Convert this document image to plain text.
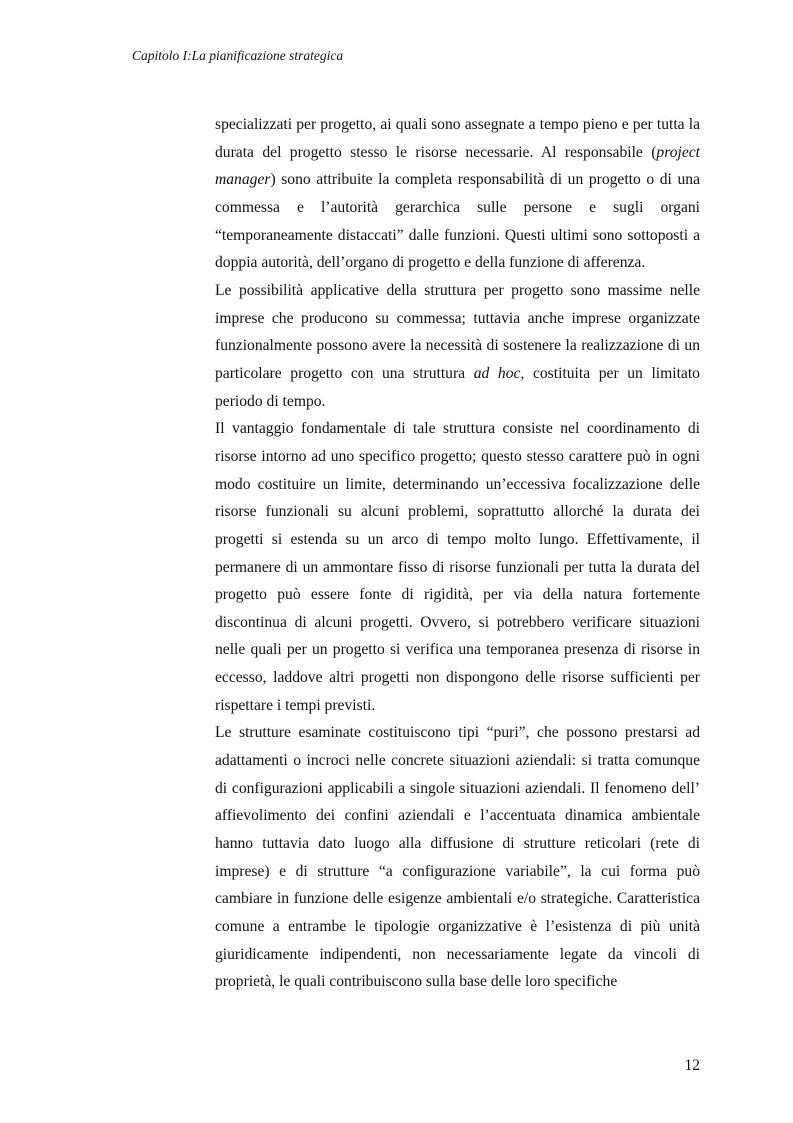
Capitolo I:La pianificazione strategica

specializzati per progetto, ai quali sono assegnate a tempo pieno e per tutta la durata del progetto stesso le risorse necessarie. Al responsabile (project manager) sono attribuite la completa responsabilità di un progetto o di una commessa e l’autorità gerarchica sulle persone e sugli organi “temporaneamente distaccati” dalle funzioni. Questi ultimi sono sottoposti a doppia autorità, dell’organo di progetto e della funzione di afferenza.

Le possibilità applicative della struttura per progetto sono massime nelle imprese che producono su commessa; tuttavia anche imprese organizzate funzionalmente possono avere la necessità di sostenere la realizzazione di un particolare progetto con una struttura ad hoc, costituita per un limitato periodo di tempo.

Il vantaggio fondamentale di tale struttura consiste nel coordinamento di risorse intorno ad uno specifico progetto; questo stesso carattere può in ogni modo costituire un limite, determinando un’eccessiva focalizzazione delle risorse funzionali su alcuni problemi, soprattutto allorché la durata dei progetti si estenda su un arco di tempo molto lungo. Effettivamente, il permanere di un ammontare fisso di risorse funzionali per tutta la durata del progetto può essere fonte di rigidità, per via della natura fortemente discontinua di alcuni progetti. Ovvero, si potrebbero verificare situazioni nelle quali per un progetto si verifica una temporanea presenza di risorse in eccesso, laddove altri progetti non dispongono delle risorse sufficienti per rispettare i tempi previsti.

Le strutture esaminate costituiscono tipi “puri”, che possono prestarsi ad adattamenti o incroci nelle concrete situazioni aziendali: si tratta comunque di configurazioni applicabili a singole situazioni aziendali. Il fenomeno dell’ affievolimento dei confini aziendali e l’accentuata dinamica ambientale hanno tuttavia dato luogo alla diffusione di strutture reticolari (rete di imprese) e di strutture “a configurazione variabile”, la cui forma può cambiare in funzione delle esigenze ambientali e/o strategiche. Caratteristica comune a entrambe le tipologie organizzative è l’esistenza di più unità giuridicamente indipendenti, non necessariamente legate da vincoli di proprietà, le quali contribuiscono sulla base delle loro specifiche

12
